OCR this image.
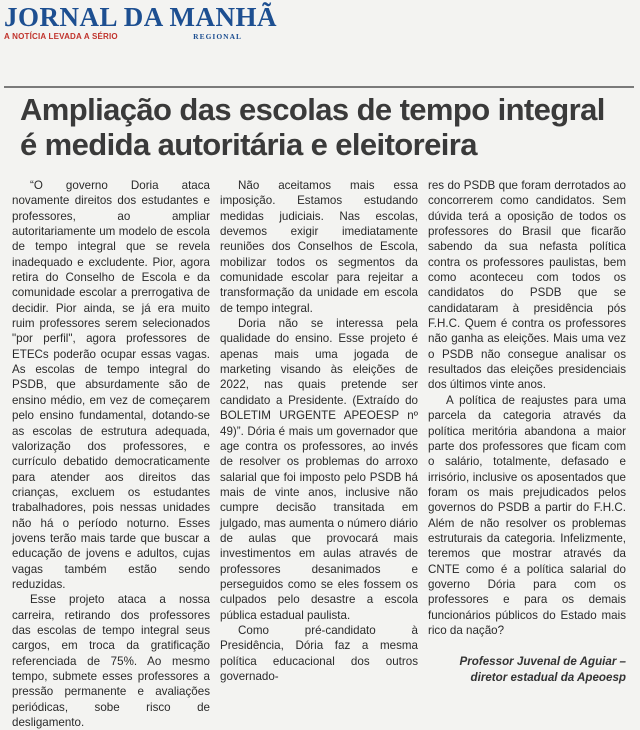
JORNAL DA MANHÃ
A NOTÍCIA LEVADA A SÉRIO	REGIONAL
Ampliação das escolas de tempo integral
é medida autoritária e eleitoreira

“O governo Doria ataca novamente direitos dos estudantes e professores, ao ampliar autoritariamente um modelo de escola de tempo integral que se revela inadequado e excludente. Pior, agora retira do Conselho de Escola e da comunidade escolar a prerrogativa de decidir. Pior ainda, se já era muito ruim professores serem selecionados "por perfil", agora professores de ETECs poderão ocupar essas vagas. As escolas de tempo integral do PSDB, que absurdamente são de ensino médio, em vez de começarem pelo ensino fundamental, dotando-se as escolas de estrutura adequada, valorização dos professores, e currículo debatido democraticamente para atender aos direitos das crianças, excluem os estudantes trabalhadores, pois nessas unidades não há o período noturno. Esses jovens terão mais tarde que buscar a educação de jovens e adultos, cujas vagas também estão sendo reduzidas.

Esse projeto ataca a nossa carreira, retirando dos professores das escolas de tempo integral seus cargos, em troca da gratificação referenciada de 75%. Ao mesmo tempo, submete esses professores a pressão permanente e avaliações periódicas, sobe risco de desligamento.

Não aceitamos mais essa imposição. Estamos estudando medidas judiciais. Nas escolas, devemos exigir imediatamente reuniões dos Conselhos de Escola, mobilizar todos os segmentos da comunidade escolar para rejeitar a transformação da unidade em escola de tempo integral.

Doria não se interessa pela qualidade do ensino. Esse projeto é apenas mais uma jogada de marketing visando às eleições de 2022, nas quais pretende ser candidato a Presidente. (Extraído do BOLETIM URGENTE APEOESP nº 49)”. Dória é mais um governador que age contra os professores, ao invés de resolver os problemas do arroxo salarial que foi imposto pelo PSDB há mais de vinte anos, inclusive não cumpre decisão transitada em julgado, mas aumenta o número diário de aulas que provocará mais investimentos em aulas através de professores desanimados e perseguidos como se eles fossem os culpados pelo desastre a escola pública estadual paulista.

Como pré-candidato à Presidência, Dória faz a mesma política educacional dos outros governado-

res do PSDB que foram derrotados ao concorrerem como candidatos. Sem dúvida terá a oposição de todos os professores do Brasil que ficarão sabendo da sua nefasta política contra os professores paulistas, bem como aconteceu com todos os candidatos do PSDB que se candidataram à presidência pós F.H.C. Quem é contra os professores não ganha as eleições. Mais uma vez o PSDB não consegue analisar os resultados das eleições presidenciais dos últimos vinte anos.

A política de reajustes para uma parcela da categoria através da política meritória abandona a maior parte dos professores que ficam com o salário, totalmente, defasado e irrisório, inclusive os aposentados que foram os mais prejudicados pelos governos do PSDB a partir do F.H.C. Além de não resolver os problemas estruturais da categoria. Infelizmente, teremos que mostrar através da CNTE como é a política salarial do governo Dória para com os professores e para os demais funcionários públicos do Estado mais rico da nação?

Professor Juvenal de Aguiar –
diretor estadual da Apeoesp
